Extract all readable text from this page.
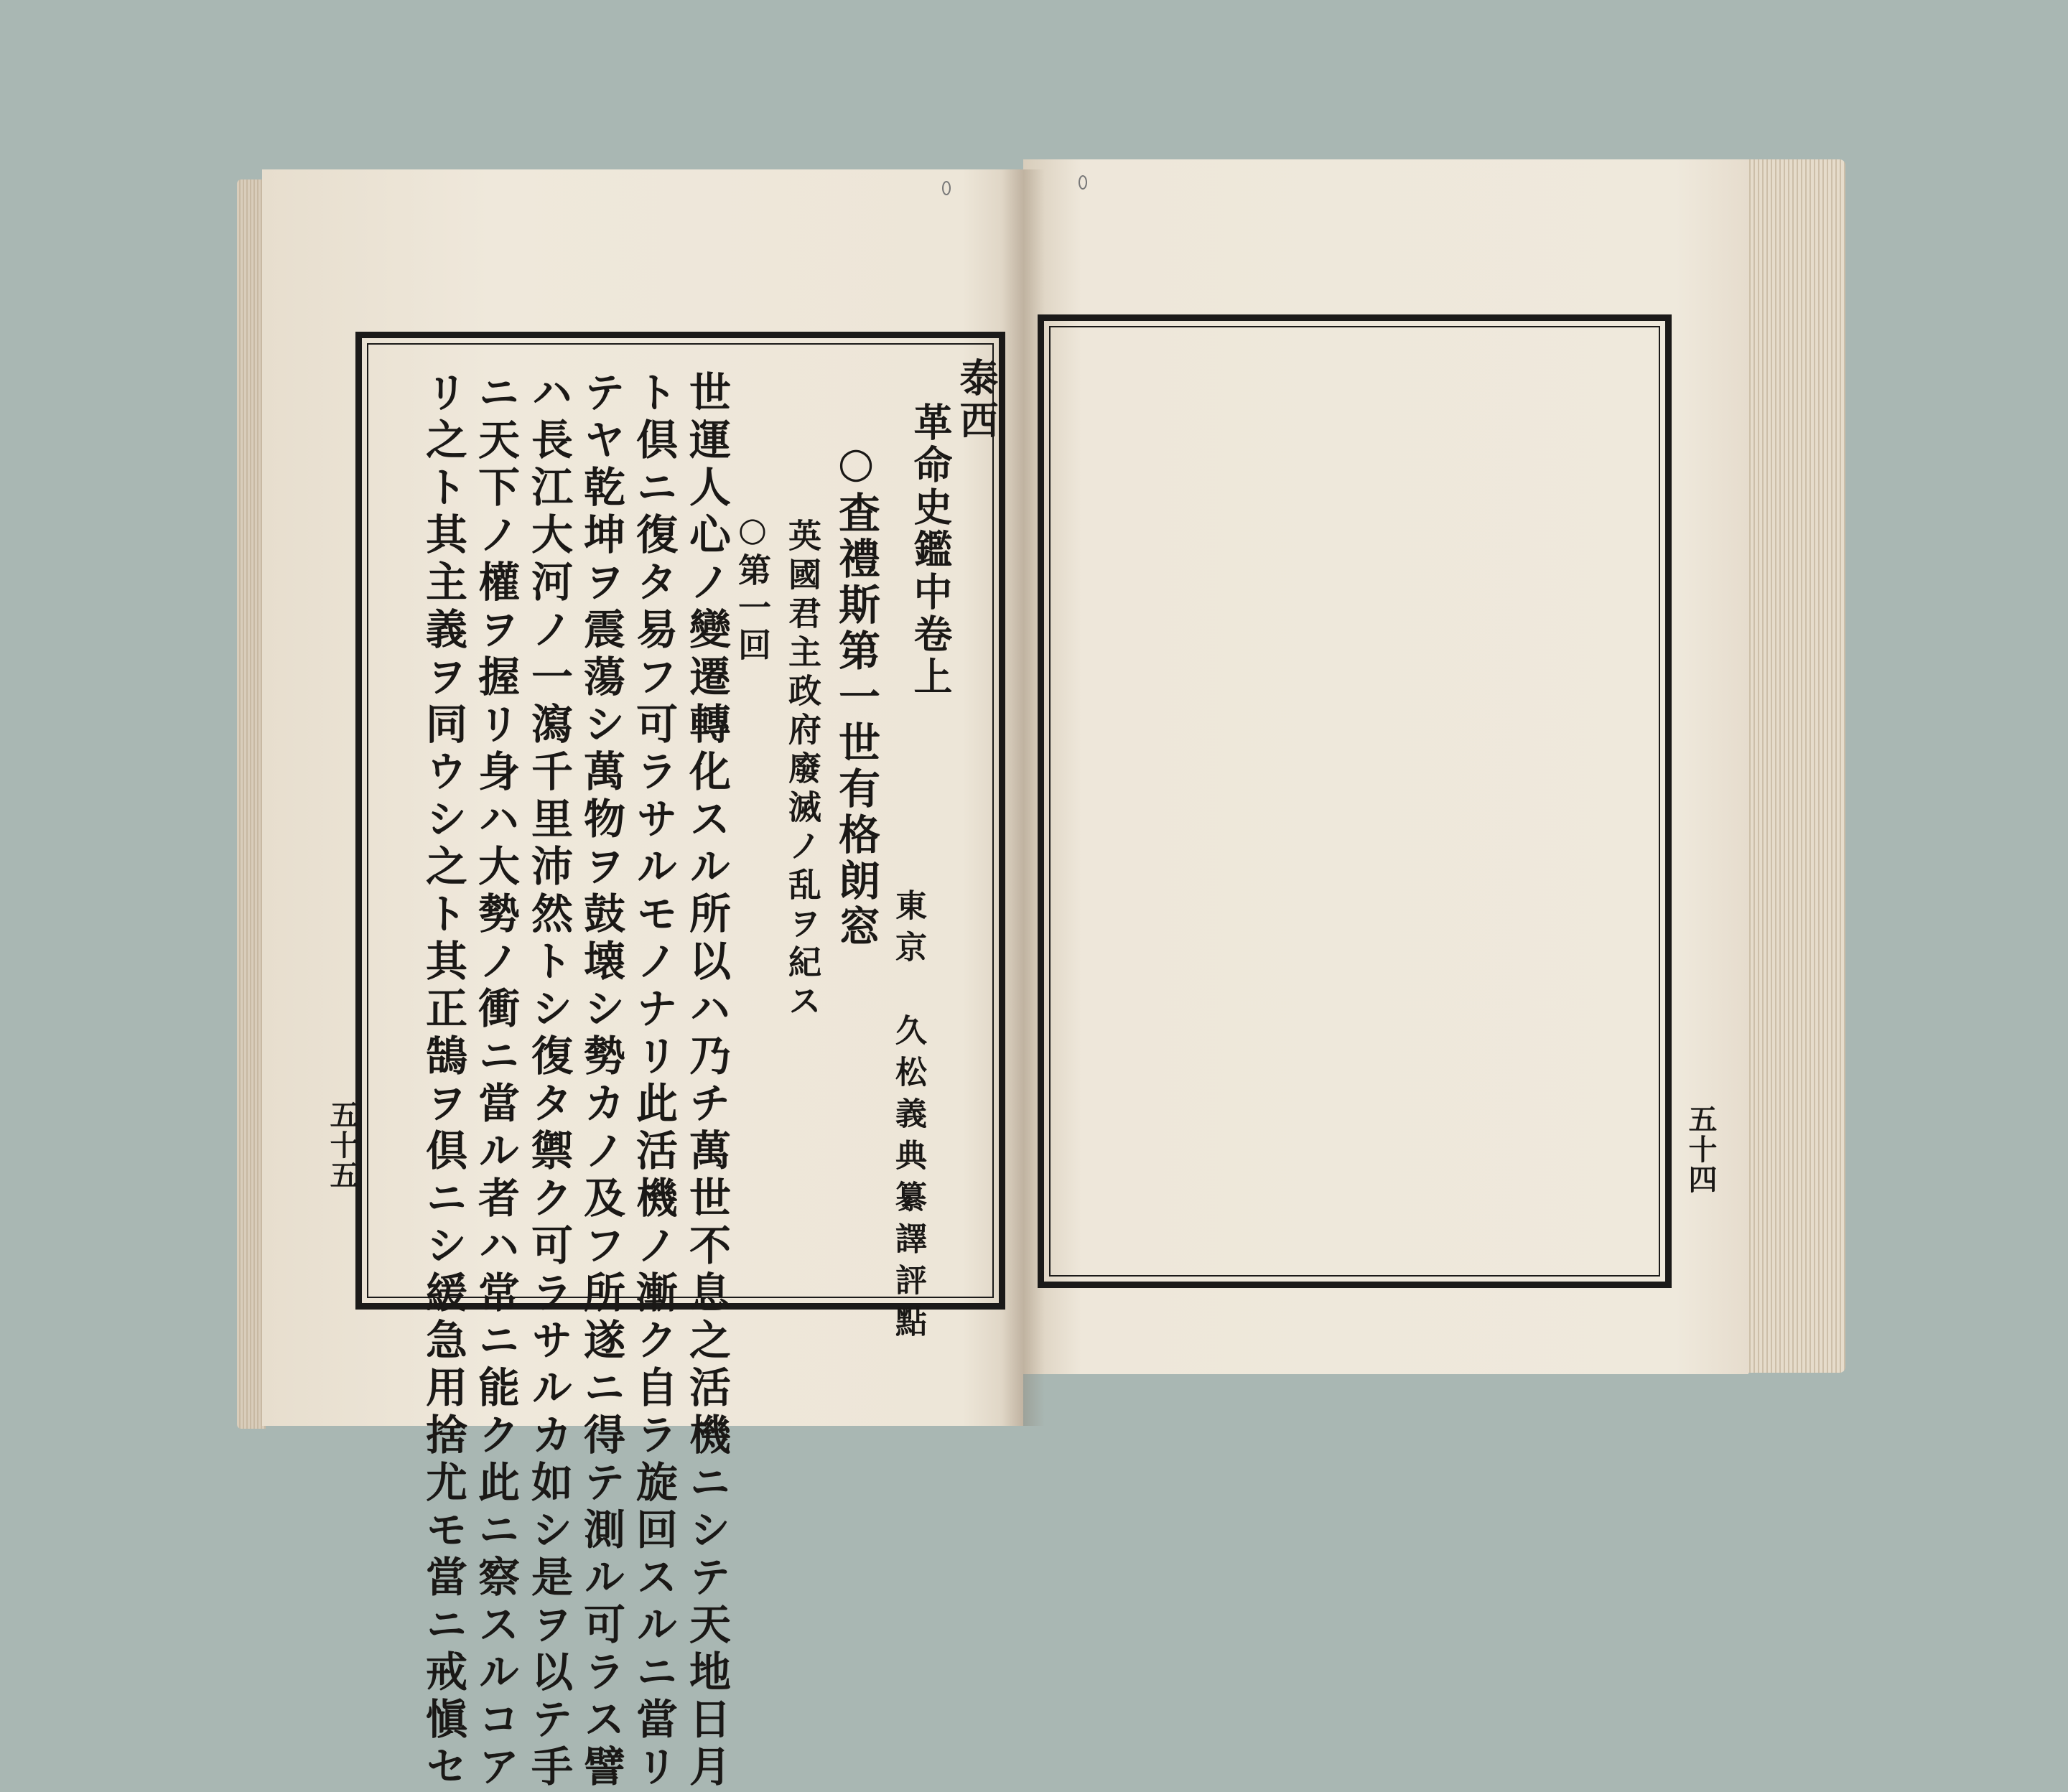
泰西
革命史鑑中卷上
東京　久松義典纂譯評點
○査禮斯第一世有格朗窓
英國君主政府廢滅ノ乱ヲ紀ス
○第一回
世運人心ノ變遷轉化スル所以ハ乃チ萬世不息之活機ニシテ天地日月
ト倶ニ復タ易フ可ラサルモノナリ此活機ノ漸ク自ラ旋回スルニ當リ
テヤ乾坤ヲ震蕩シ萬物ヲ鼓壊シ勢カノ及フ所遂ニ得テ測ル可ラス譬
ハ長江大河ノ一瀉千里沛然トシ復タ禦ク可ラサルカ如シ是ヲ以テ手
ニ天下ノ權ヲ握リ身ハ大勢ノ衝ニ當ル者ハ常ニ能ク此ニ察スルコア
リ之ト其主義ヲ同ウシ之ト其正鵠ヲ倶ニシ緩急用捨尤モ當ニ戒愼セ
五十五	五十四
